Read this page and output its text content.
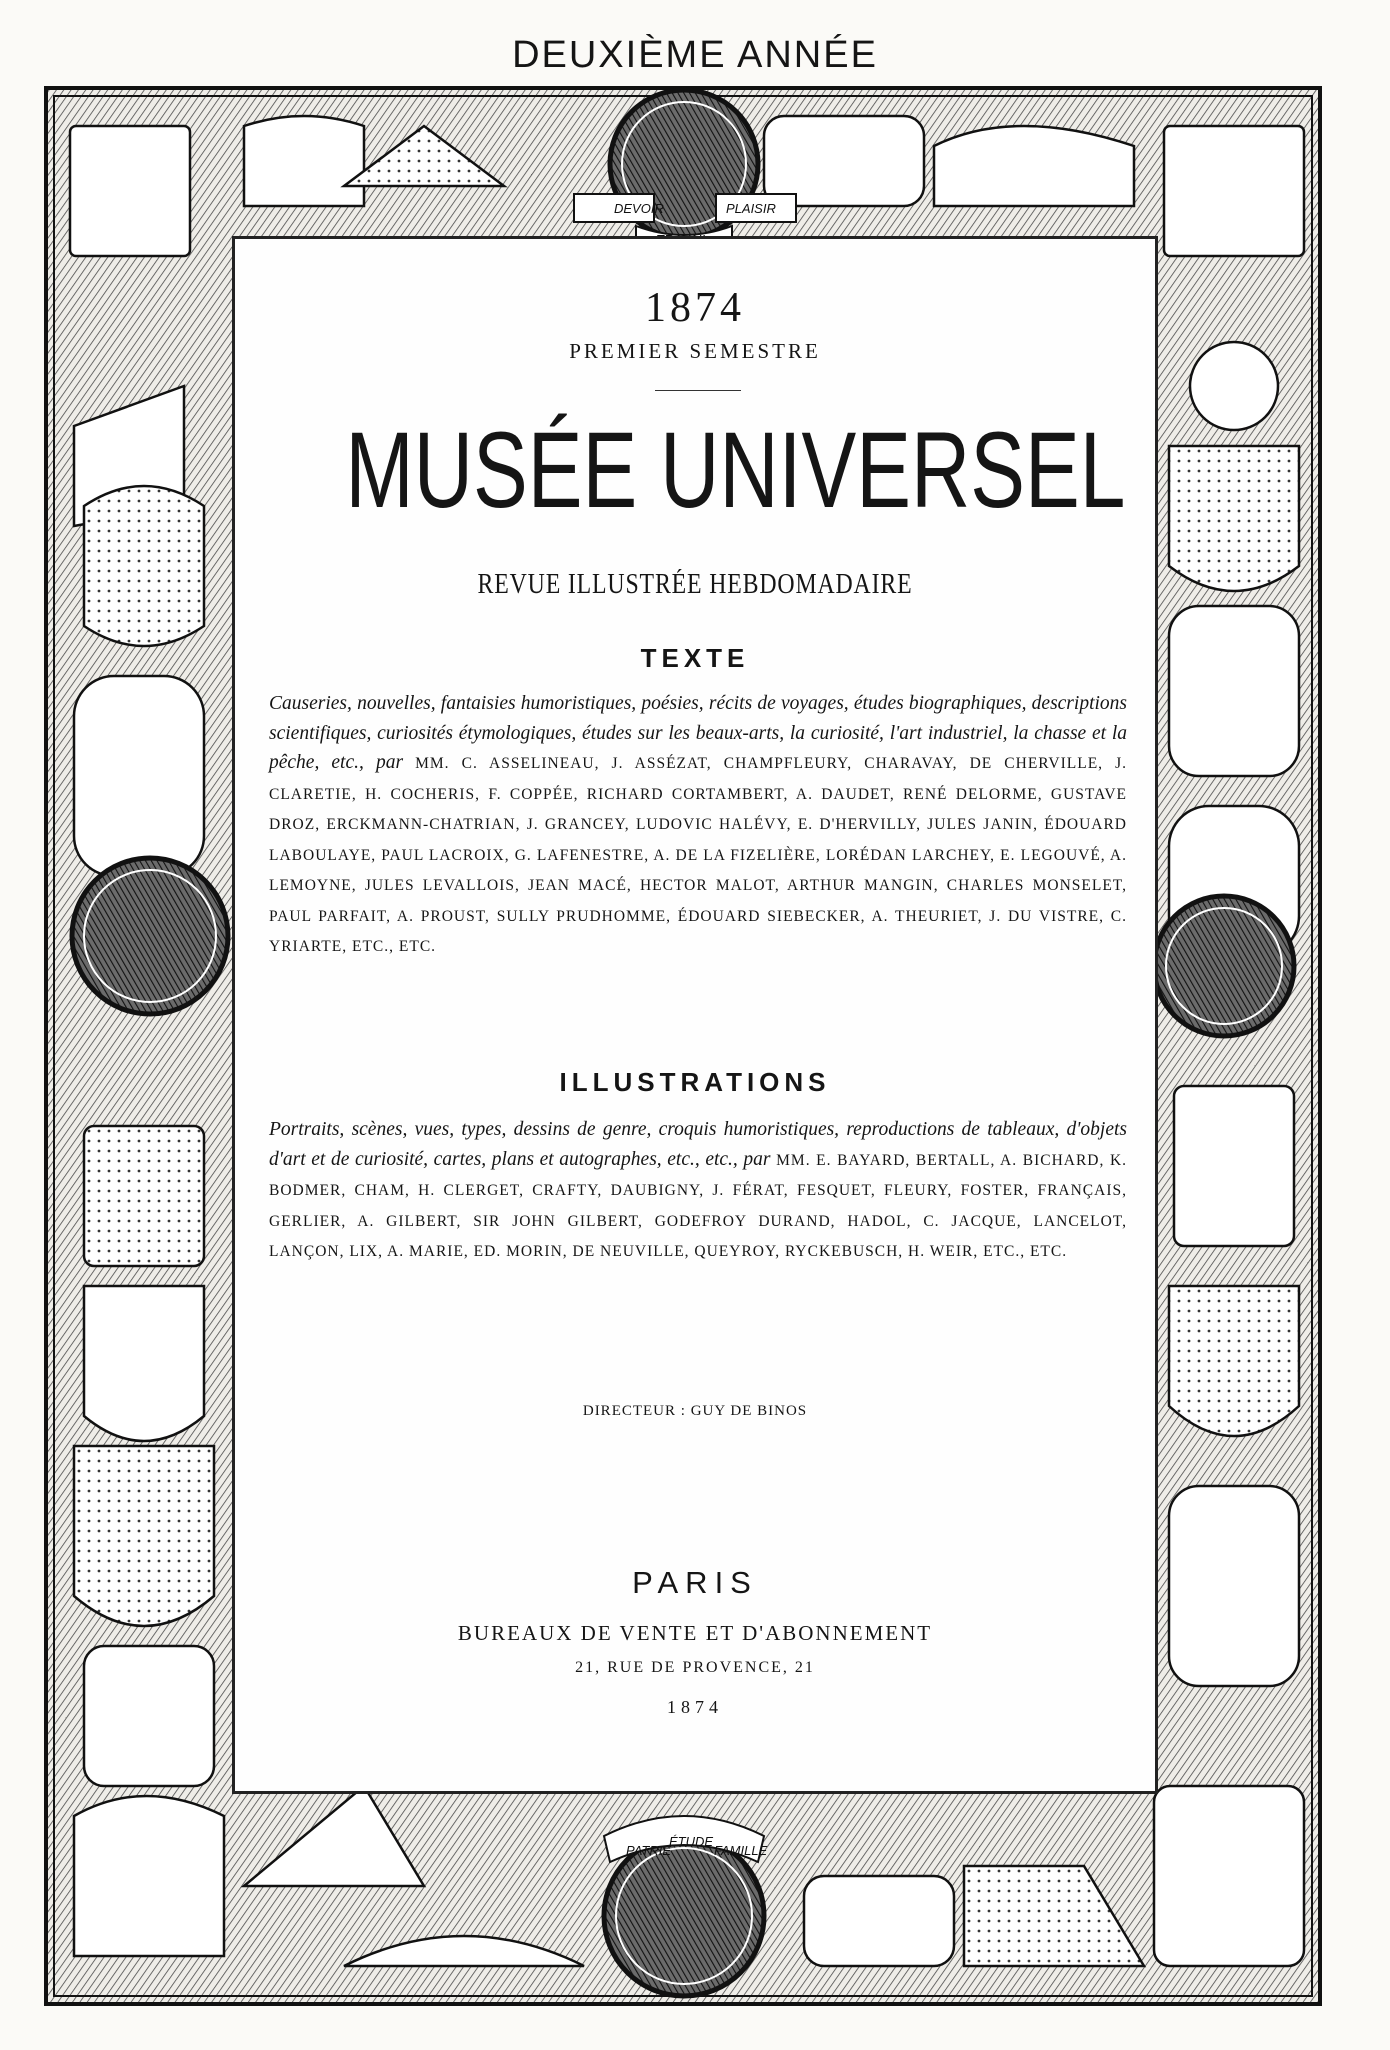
DEUXIÈME ANNÉE
DEVOIR	PLAISIR
PATRIE
ÉTUDE
FAMILLE
1874
PREMIER SEMESTRE
MUSÉE UNIVERSEL
REVUE ILLUSTRÉE HEBDOMADAIRE
TEXTE
Causeries, nouvelles, fantaisies humoristiques, poésies, récits de voyages, études biographiques, descriptions scientifiques, curiosités étymologiques, études sur les beaux-arts, la curiosité, l'art industriel, la chasse et la pêche, etc., par MM. C. ASSELINEAU, J. ASSÉZAT, CHAMPFLEURY, CHARAVAY, DE CHERVILLE, J. CLARETIE, H. COCHERIS, F. COPPÉE, RICHARD CORTAMBERT, A. DAUDET, RENÉ DELORME, GUSTAVE DROZ, ERCKMANN-CHATRIAN, J. GRANCEY, LUDOVIC HALÉVY, E. D'HERVILLY, JULES JANIN, ÉDOUARD LABOULAYE, PAUL LACROIX, G. LAFENESTRE, A. DE LA FIZELIÈRE, LORÉDAN LARCHEY, E. LEGOUVÉ, A. LEMOYNE, JULES LEVALLOIS, JEAN MACÉ, HECTOR MALOT, ARTHUR MANGIN, CHARLES MONSELET, PAUL PARFAIT, A. PROUST, SULLY PRUDHOMME, ÉDOUARD SIEBECKER, A. THEURIET, J. DU VISTRE, C. YRIARTE, ETC., ETC.
ILLUSTRATIONS
Portraits, scènes, vues, types, dessins de genre, croquis humoristiques, reproductions de tableaux, d'objets d'art et de curiosité, cartes, plans et autographes, etc., etc., par MM. E. BAYARD, BERTALL, A. BICHARD, K. BODMER, CHAM, H. CLERGET, CRAFTY, DAUBIGNY, J. FÉRAT, FESQUET, FLEURY, FOSTER, FRANÇAIS, GERLIER, A. GILBERT, SIR JOHN GILBERT, GODEFROY DURAND, HADOL, C. JACQUE, LANCELOT, LANÇON, LIX, A. MARIE, ED. MORIN, DE NEUVILLE, QUEYROY, RYCKEBUSCH, H. WEIR, ETC., ETC.
DIRECTEUR : GUY DE BINOS
PARIS
BUREAUX DE VENTE ET D'ABONNEMENT
21, RUE DE PROVENCE, 21
1874
